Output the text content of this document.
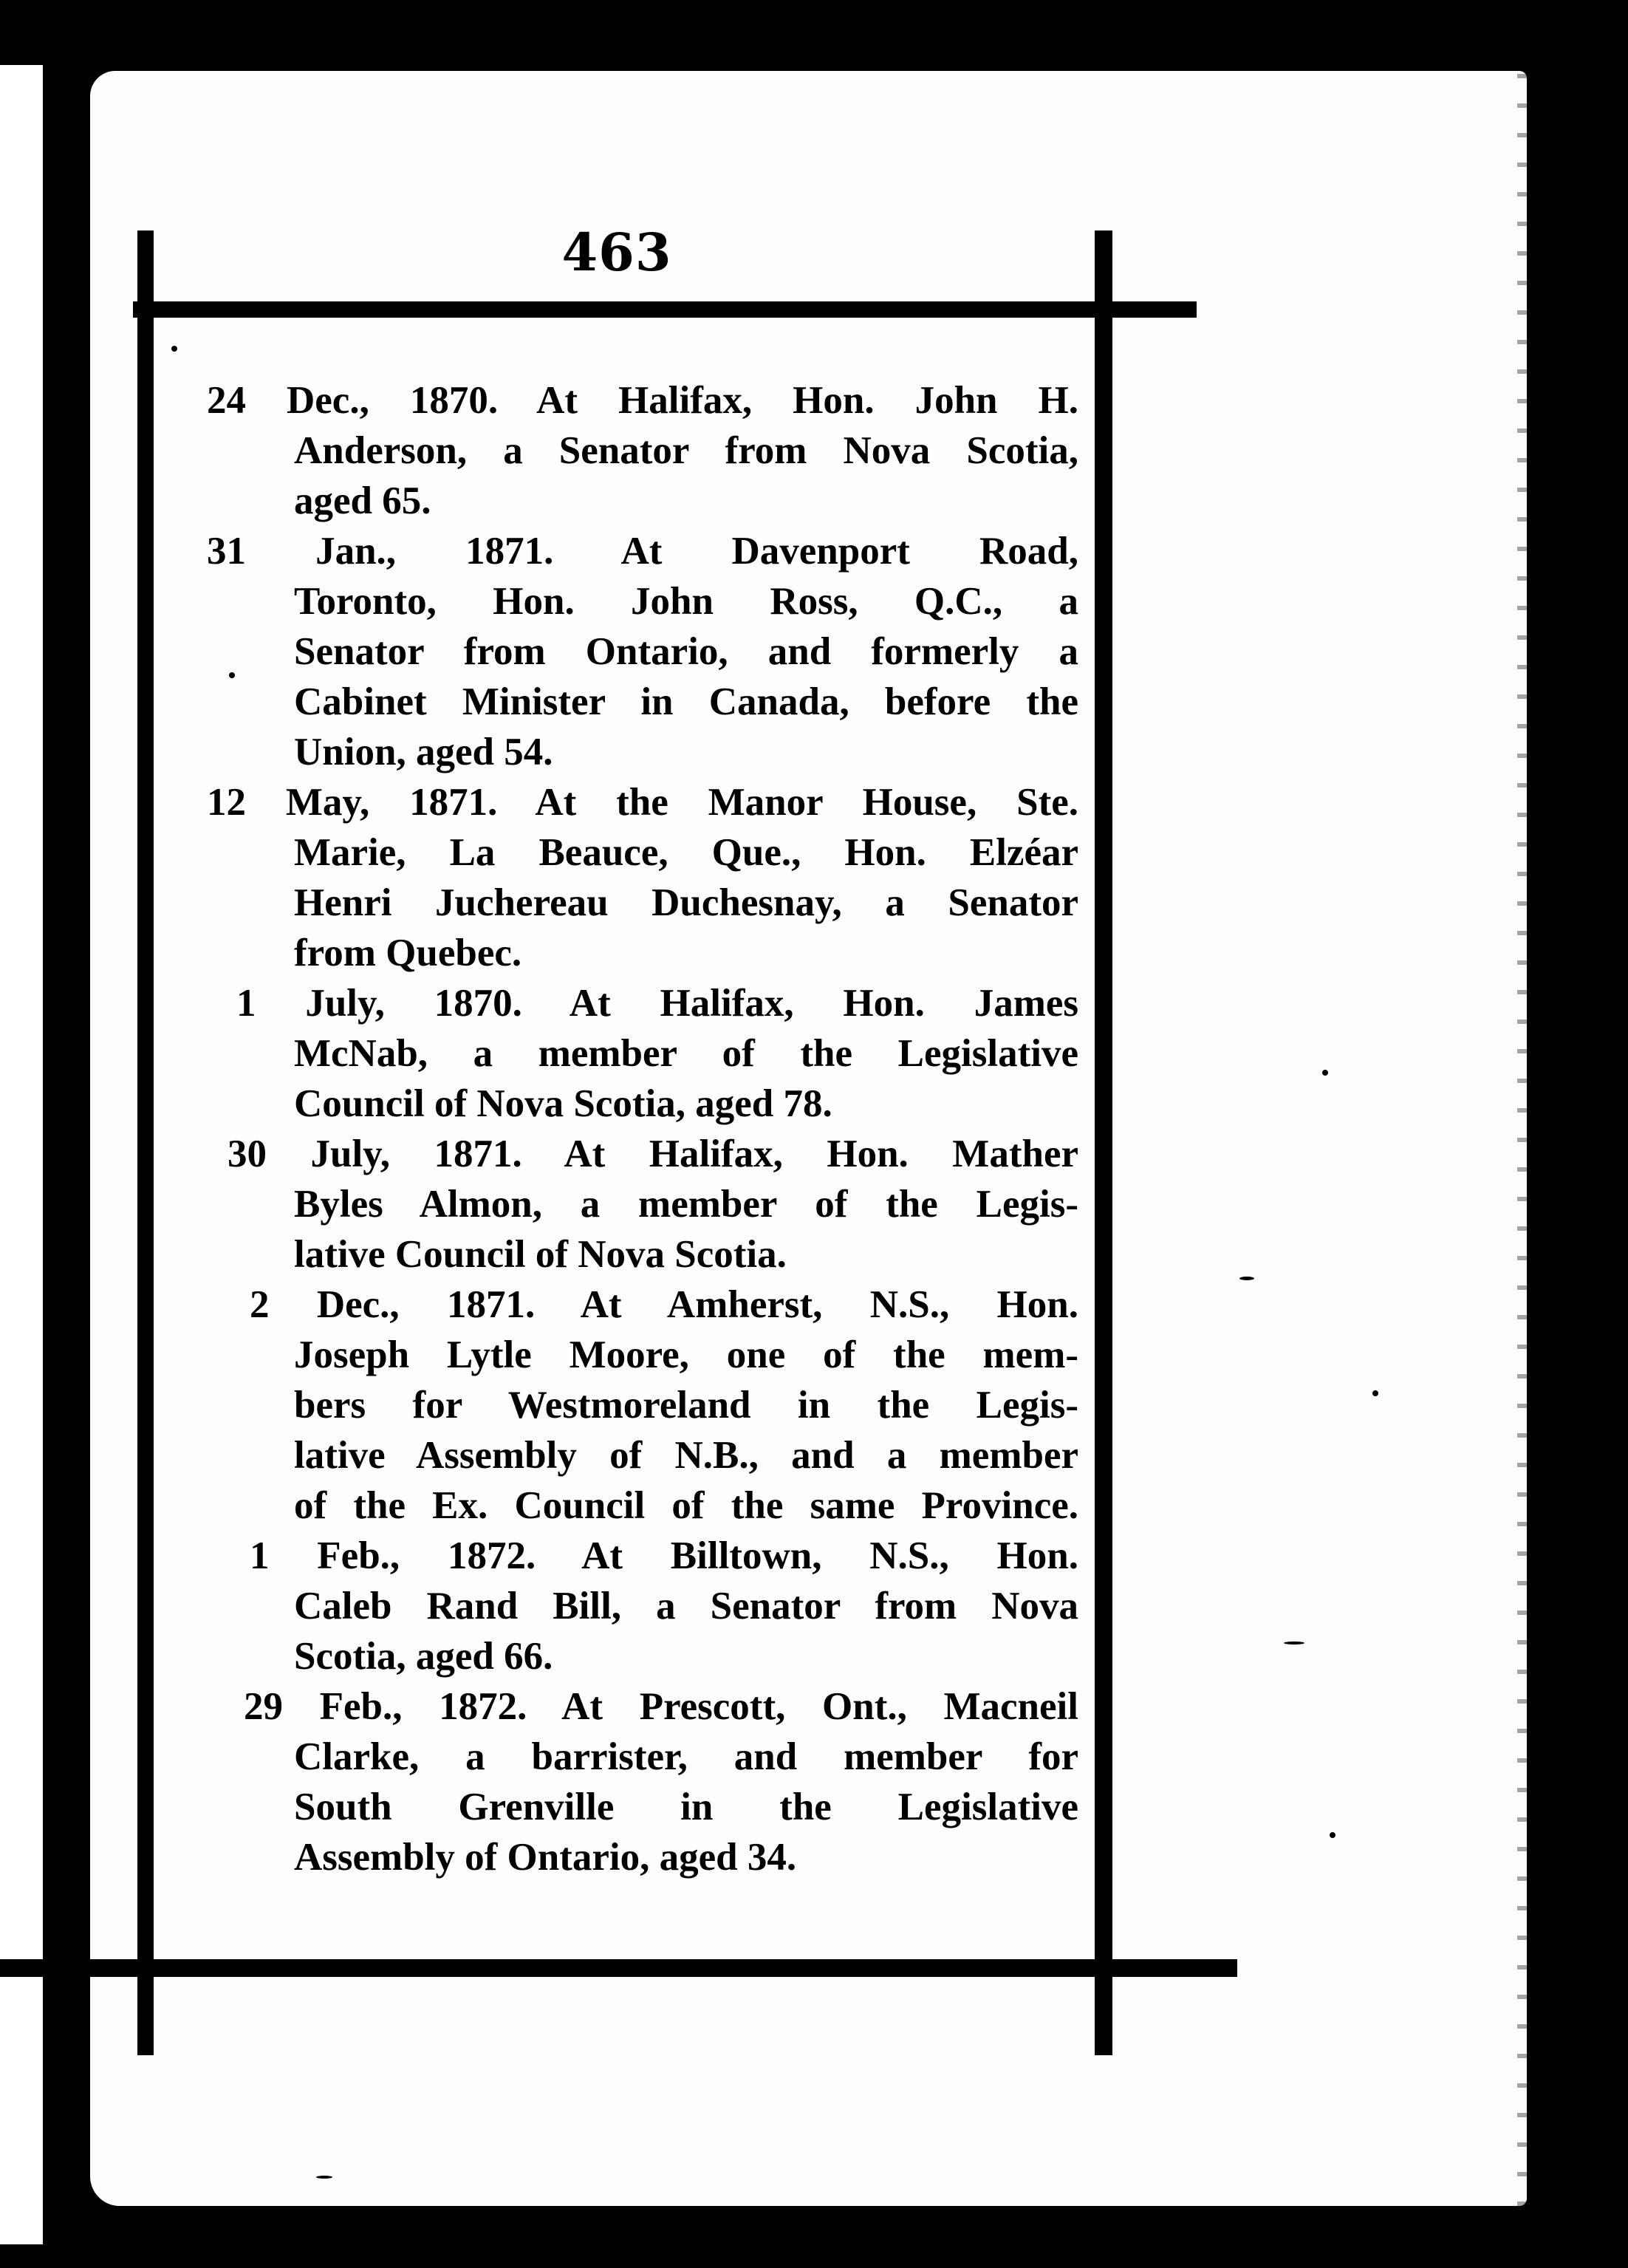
463
24 Dec., 1870. At Halifax, Hon. John H.
Anderson, a Senator from Nova Scotia,
aged 65.
31 Jan., 1871. At Davenport Road,
Toronto, Hon. John Ross, Q.C., a
Senator from Ontario, and formerly a
Cabinet Minister in Canada, before the
Union, aged 54.
12 May, 1871. At the Manor House, Ste.
Marie, La Beauce, Que., Hon. Elzéar
Henri Juchereau Duchesnay, a Senator
from Quebec.
1 July, 1870. At Halifax, Hon. James
McNab, a member of the Legislative
Council of Nova Scotia, aged 78.
30 July, 1871. At Halifax, Hon. Mather
Byles Almon, a member of the Legis-
lative Council of Nova Scotia.
2 Dec., 1871. At Amherst, N.S., Hon.
Joseph Lytle Moore, one of the mem-
bers for Westmoreland in the Legis-
lative Assembly of N.B., and a member
of the Ex. Council of the same Province.
1 Feb., 1872. At Billtown, N.S., Hon.
Caleb Rand Bill, a Senator from Nova
Scotia, aged 66.
29 Feb., 1872. At Prescott, Ont., Macneil
Clarke, a barrister, and member for
South Grenville in the Legislative
Assembly of Ontario, aged 34.
